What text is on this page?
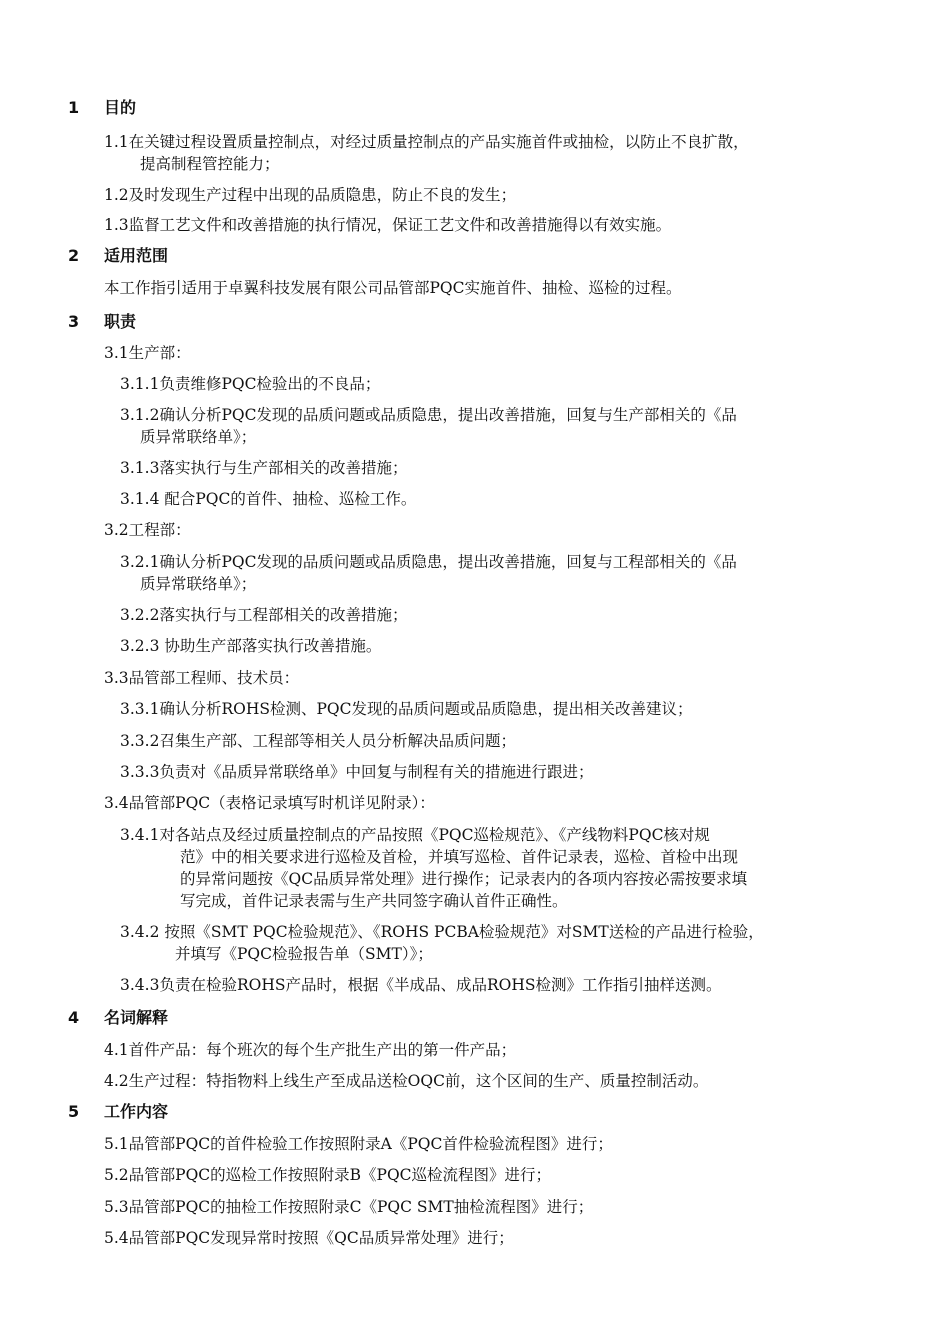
1 目的
1.1在关键过程设置质量控制点，对经过质量控制点的产品实施首件或抽检，以防止不良扩散，
提高制程管控能力；
1.2及时发现生产过程中出现的品质隐患，防止不良的发生；
1.3监督工艺文件和改善措施的执行情况，保证工艺文件和改善措施得以有效实施。
2 适用范围
本工作指引适用于卓翼科技发展有限公司品管部PQC实施首件、抽检、巡检的过程。
3 职责
3.1生产部：
3.1.1负责维修PQC检验出的不良品；
3.1.2确认分析PQC发现的品质问题或品质隐患，提出改善措施，回复与生产部相关的《品
质异常联络单》；
3.1.3落实执行与生产部相关的改善措施；
3.1.4 配合PQC的首件、抽检、巡检工作。
3.2工程部：
3.2.1确认分析PQC发现的品质问题或品质隐患，提出改善措施，回复与工程部相关的《品
质异常联络单》；
3.2.2落实执行与工程部相关的改善措施；
3.2.3 协助生产部落实执行改善措施。
3.3品管部工程师、技术员：
3.3.1确认分析ROHS检测、PQC发现的品质问题或品质隐患，提出相关改善建议；
3.3.2召集生产部、工程部等相关人员分析解决品质问题；
3.3.3负责对《品质异常联络单》中回复与制程有关的措施进行跟进；
3.4品管部PQC（表格记录填写时机详见附录）：
3.4.1对各站点及经过质量控制点的产品按照《PQC巡检规范》、《产线物料PQC核对规
范》中的相关要求进行巡检及首检，并填写巡检、首件记录表，巡检、首检中出现
的异常问题按《QC品质异常处理》进行操作；记录表内的各项内容按必需按要求填
写完成，首件记录表需与生产共同签字确认首件正确性。
3.4.2 按照《SMT PQC检验规范》、《ROHS PCBA检验规范》对SMT送检的产品进行检验，
并填写《PQC检验报告单（SMT）》；
3.4.3负责在检验ROHS产品时，根据《半成品、成品ROHS检测》工作指引抽样送测。
4 名词解释
4.1首件产品：每个班次的每个生产批生产出的第一件产品；
4.2生产过程：特指物料上线生产至成品送检OQC前，这个区间的生产、质量控制活动。
5 工作内容
5.1品管部PQC的首件检验工作按照附录A《PQC首件检验流程图》进行；
5.2品管部PQC的巡检工作按照附录B《PQC巡检流程图》进行；
5.3品管部PQC的抽检工作按照附录C《PQC SMT抽检流程图》进行；
5.4品管部PQC发现异常时按照《QC品质异常处理》进行；
